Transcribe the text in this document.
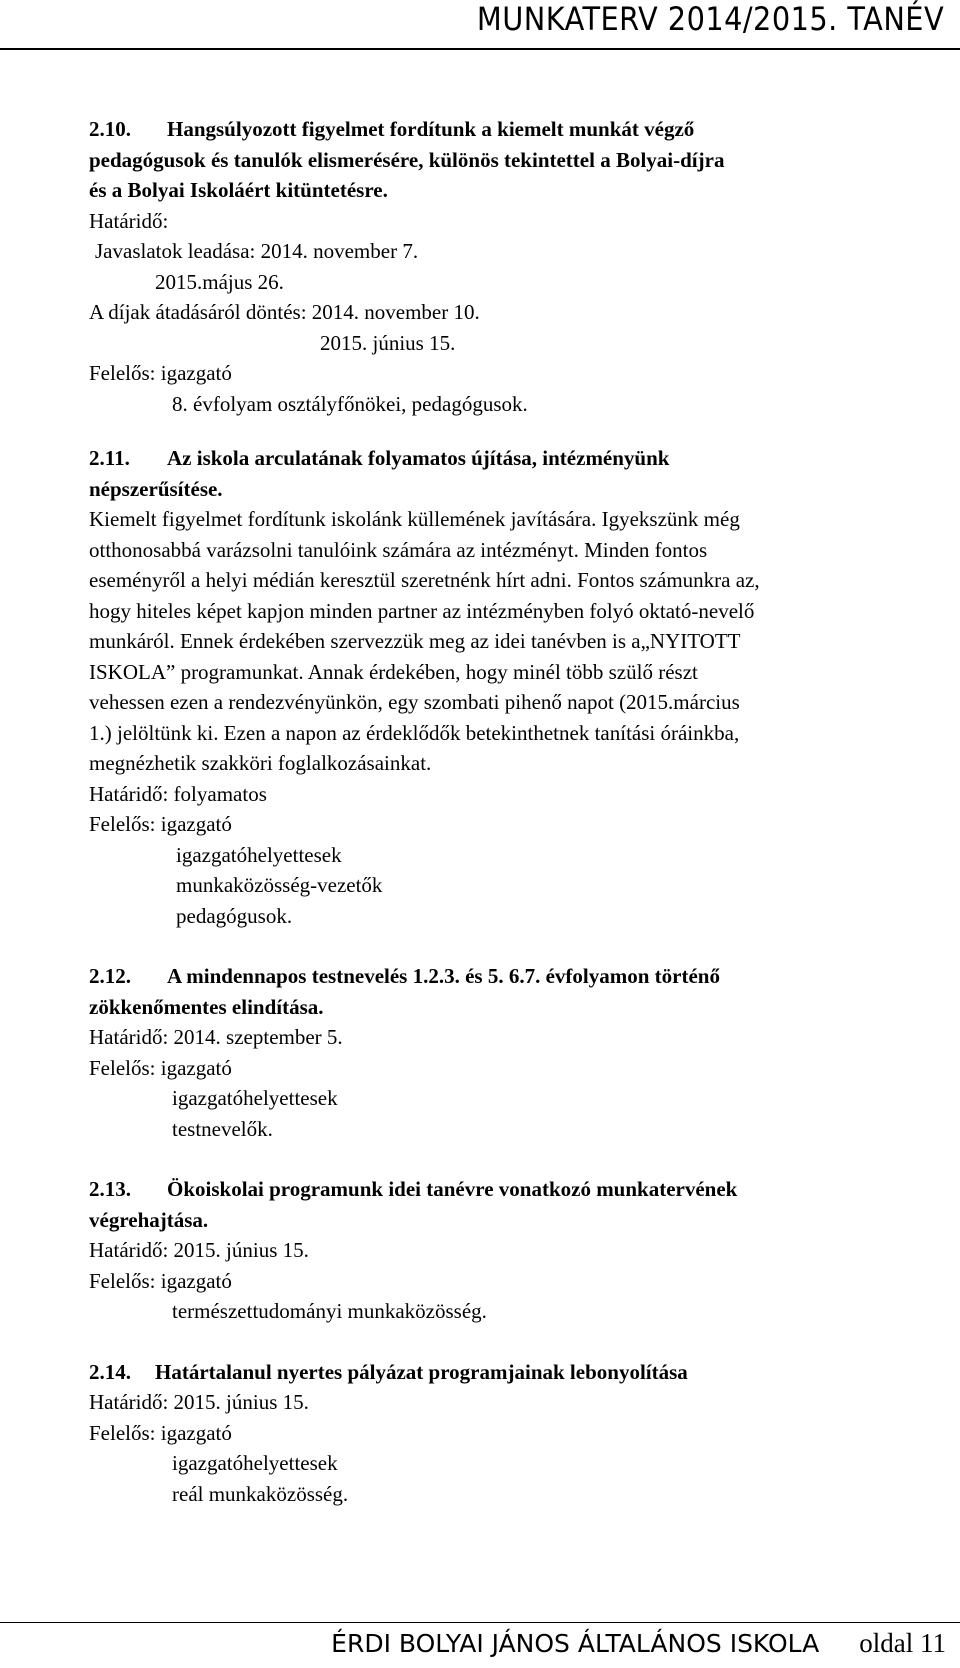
MUNKATERV 2014/2015. TANÉV
2.10. Hangsúlyozott figyelmet fordítunk a kiemelt munkát végző
pedagógusok és tanulók elismerésére, különös tekintettel a Bolyai-díjra
és a Bolyai Iskoláért kitüntetésre.
Határidő:
Javaslatok leadása: 2014. november 7.
2015.május 26.
A díjak átadásáról döntés: 2014. november 10.
2015. június 15.
Felelős: igazgató
8. évfolyam osztályfőnökei, pedagógusok.
2.11. Az iskola arculatának folyamatos újítása, intézményünk
népszerűsítése.
Kiemelt figyelmet fordítunk iskolánk küllemének javítására. Igyekszünk még
otthonosabbá varázsolni tanulóink számára az intézményt. Minden fontos
eseményről a helyi médián keresztül szeretnénk hírt adni. Fontos számunkra az,
hogy hiteles képet kapjon minden partner az intézményben folyó oktató-nevelő
munkáról. Ennek érdekében szervezzük meg az idei tanévben is a„NYITOTT
ISKOLA” programunkat. Annak érdekében, hogy minél több szülő részt
vehessen ezen a rendezvényünkön, egy szombati pihenő napot (2015.március
1.) jelöltünk ki. Ezen a napon az érdeklődők betekinthetnek tanítási óráinkba,
megnézhetik szakköri foglalkozásainkat.
Határidő: folyamatos
Felelős: igazgató
igazgatóhelyettesek
munkaközösség-vezetők
pedagógusok.
2.12. A mindennapos testnevelés 1.2.3. és 5. 6.7. évfolyamon történő
zökkenőmentes elindítása.
Határidő: 2014. szeptember 5.
Felelős: igazgató
igazgatóhelyettesek
testnevelők.
2.13. Ökoiskolai programunk idei tanévre vonatkozó munkatervének
végrehajtása.
Határidő: 2015. június 15.
Felelős: igazgató
természettudományi munkaközösség.
2.14. Határtalanul nyertes pályázat programjainak lebonyolítása
Határidő: 2015. június 15.
Felelős: igazgató
igazgatóhelyettesek
reál munkaközösség.
ÉRDI BOLYAI JÁNOS ÁLTALÁNOS ISKOLA oldal 11
